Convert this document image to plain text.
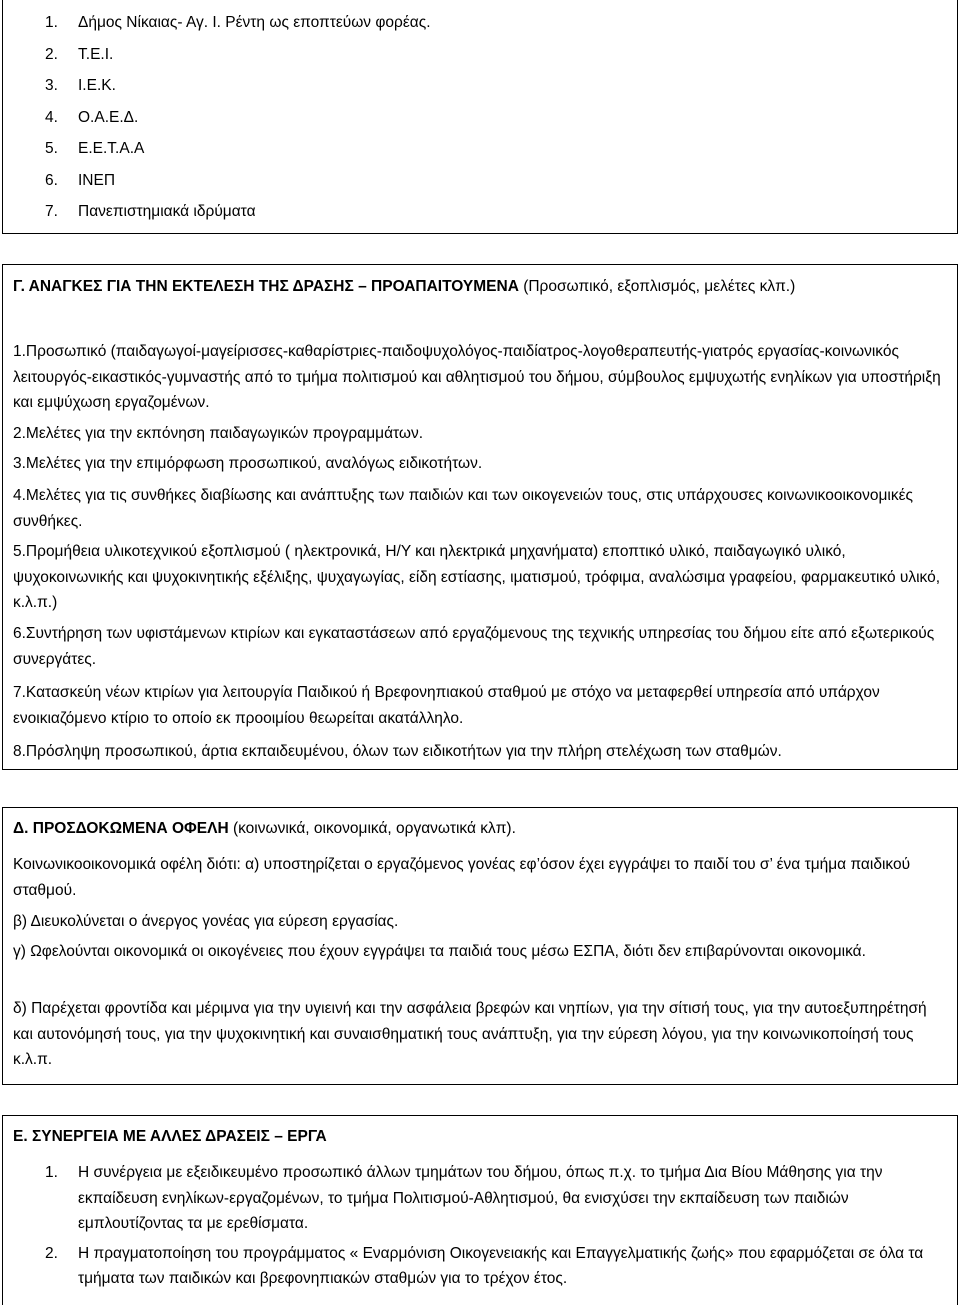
1. Δήμος Νίκαιας- Αγ. Ι. Ρέντη ως εποπτεύων φορέας.
2. Τ.Ε.Ι.
3. Ι.Ε.Κ.
4. Ο.Α.Ε.Δ.
5. Ε.Ε.Τ.Α.Α
6. ΙΝΕΠ
7. Πανεπιστημιακά ιδρύματα

Γ. ΑΝΑΓΚΕΣ ΓΙΑ ΤΗΝ ΕΚΤΕΛΕΣΗ ΤΗΣ ΔΡΑΣΗΣ – ΠΡΟΑΠΑΙΤΟΥΜΕΝΑ (Προσωπικό, εξοπλισμός, μελέτες κλπ.)

1.Προσωπικό (παιδαγωγοί-μαγείρισσες-καθαρίστριες-παιδοψυχολόγος-παιδίατρος-λογοθεραπευτής-γιατρός εργασίας-κοινωνικός λειτουργός-εικαστικός-γυμναστής από το τμήμα πολιτισμού και αθλητισμού του δήμου, σύμβουλος εμψυχωτής ενηλίκων για υποστήριξη και εμψύχωση εργαζομένων.

2.Μελέτες για την εκπόνηση παιδαγωγικών προγραμμάτων.

3.Μελέτες για την επιμόρφωση προσωπικού, αναλόγως ειδικοτήτων.

4.Μελέτες για τις συνθήκες διαβίωσης και ανάπτυξης των παιδιών και των οικογενειών τους, στις υπάρχουσες κοινωνικοοικονομικές συνθήκες.

5.Προμήθεια υλικοτεχνικού εξοπλισμού ( ηλεκτρονικά, Η/Υ και ηλεκτρικά μηχανήματα) εποπτικό υλικό, παιδαγωγικό υλικό, ψυχοκοινωνικής και ψυχοκινητικής εξέλιξης, ψυχαγωγίας, είδη εστίασης, ιματισμού, τρόφιμα, αναλώσιμα γραφείου, φαρμακευτικό υλικό, κ.λ.π.)

6.Συντήρηση των υφιστάμενων κτιρίων και εγκαταστάσεων από εργαζόμενους της τεχνικής υπηρεσίας του δήμου είτε από εξωτερικούς συνεργάτες.

7.Κατασκεύη νέων κτιρίων για λειτουργία Παιδικού ή Βρεφονηπιακού σταθμού με στόχο να μεταφερθεί υπηρεσία από υπάρχον ενοικιαζόμενο κτίριο το οποίο εκ προοιμίου θεωρείται ακατάλληλο.

8.Πρόσληψη προσωπικού, άρτια εκπαιδευμένου, όλων των ειδικοτήτων για την πλήρη στελέχωση των σταθμών.

Δ. ΠΡΟΣΔΟΚΩΜΕΝΑ ΟΦΕΛΗ (κοινωνικά, οικονομικά, οργανωτικά κλπ).

Κοινωνικοοικονομικά οφέλη διότι: α) υποστηρίζεται ο εργαζόμενος γονέας εφ’όσον έχει εγγράψει το παιδί του σ’ ένα τμήμα παιδικού σταθμού.

β) Διευκολύνεται ο άνεργος γονέας για εύρεση εργασίας.

γ) Ωφελούνται οικονομικά οι οικογένειες που έχουν εγγράψει τα παιδιά τους μέσω ΕΣΠΑ, διότι δεν επιβαρύνονται οικονομικά.

δ) Παρέχεται φροντίδα και μέριμνα για την υγιεινή και την ασφάλεια βρεφών και νηπίων, για την σίτισή τους, για την αυτοεξυπηρέτησή και αυτονόμησή τους, για την ψυχοκινητική και συναισθηματική τους ανάπτυξη, για την εύρεση λόγου, για την κοινωνικοποίησή τους κ.λ.π.

Ε. ΣΥΝΕΡΓΕΙΑ ΜΕ ΑΛΛΕΣ ΔΡΑΣΕΙΣ – ΕΡΓΑ

1. Η συνέργεια με εξειδικευμένο προσωπικό άλλων τμημάτων του δήμου, όπως π.χ. το τμήμα Δια Βίου Μάθησης για την εκπαίδευση ενηλίκων-εργαζομένων, το τμήμα Πολιτισμού-Αθλητισμού, θα ενισχύσει την εκπαίδευση των παιδιών εμπλουτίζοντας τα με ερεθίσματα.
2. Η πραγματοποίηση του προγράμματος « Εναρμόνιση Οικογενειακής και Επαγγελματικής ζωής» που εφαρμόζεται σε όλα τα τμήματα των παιδικών και βρεφονηπιακών σταθμών για το τρέχον έτος.
